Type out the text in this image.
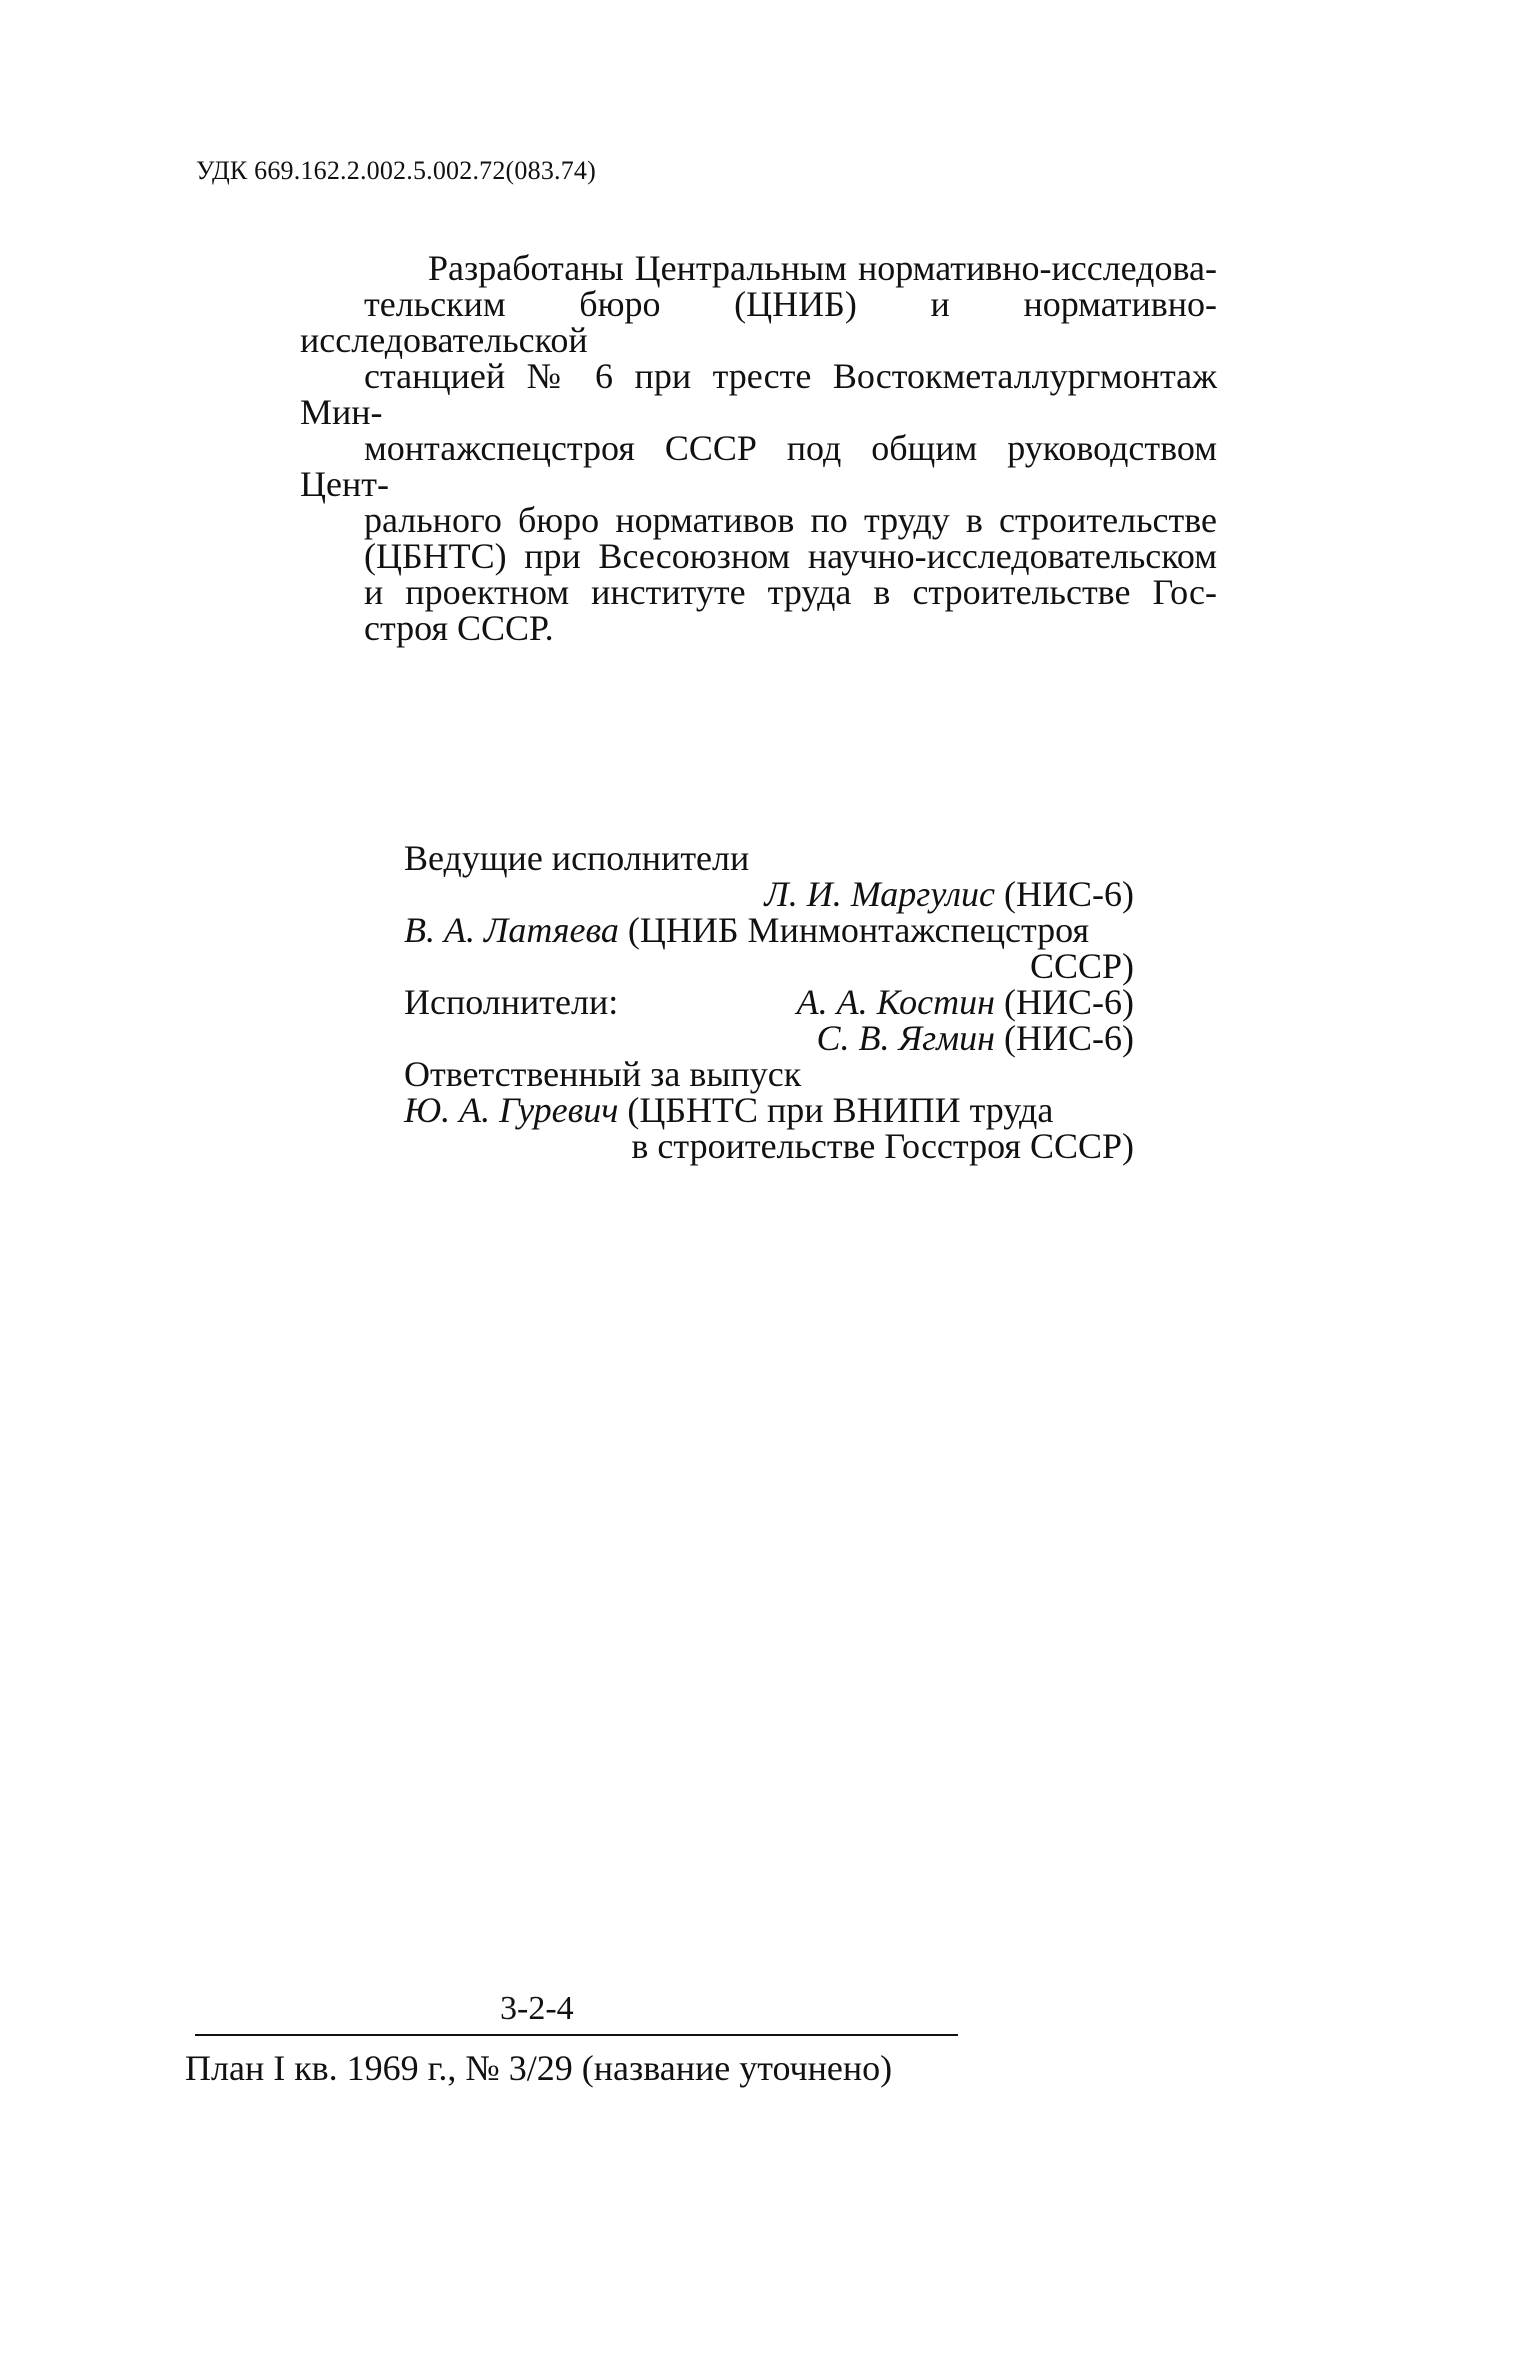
УДК 669.162.2.002.5.002.72(083.74)
Разработаны Центральным нормативно-исследова-
тельским бюро (ЦНИБ) и нормативно-исследовательской
станцией № 6 при тресте Востокметаллургмонтаж Мин-
монтажспецстроя СССР под общим руководством Цент-
рального бюро нормативов по труду в строительстве
(ЦБНТС) при Всесоюзном научно-исследовательском
и проектном институте труда в строительстве Гос-
строя СССР.
Ведущие исполнители
Л. И. Маргулис (НИС-6)
В. А. Латяева (ЦНИБ Минмонтажспецстроя
СССР)
Исполнители:	А. А. Костин (НИС-6)
С. В. Ягмин (НИС-6)
Ответственный за выпуск
Ю. А. Гуревич (ЦБНТС при ВНИПИ труда
в строительстве Госстроя СССР)
3-2-4
План I кв. 1969 г., № 3/29 (название уточнено)
